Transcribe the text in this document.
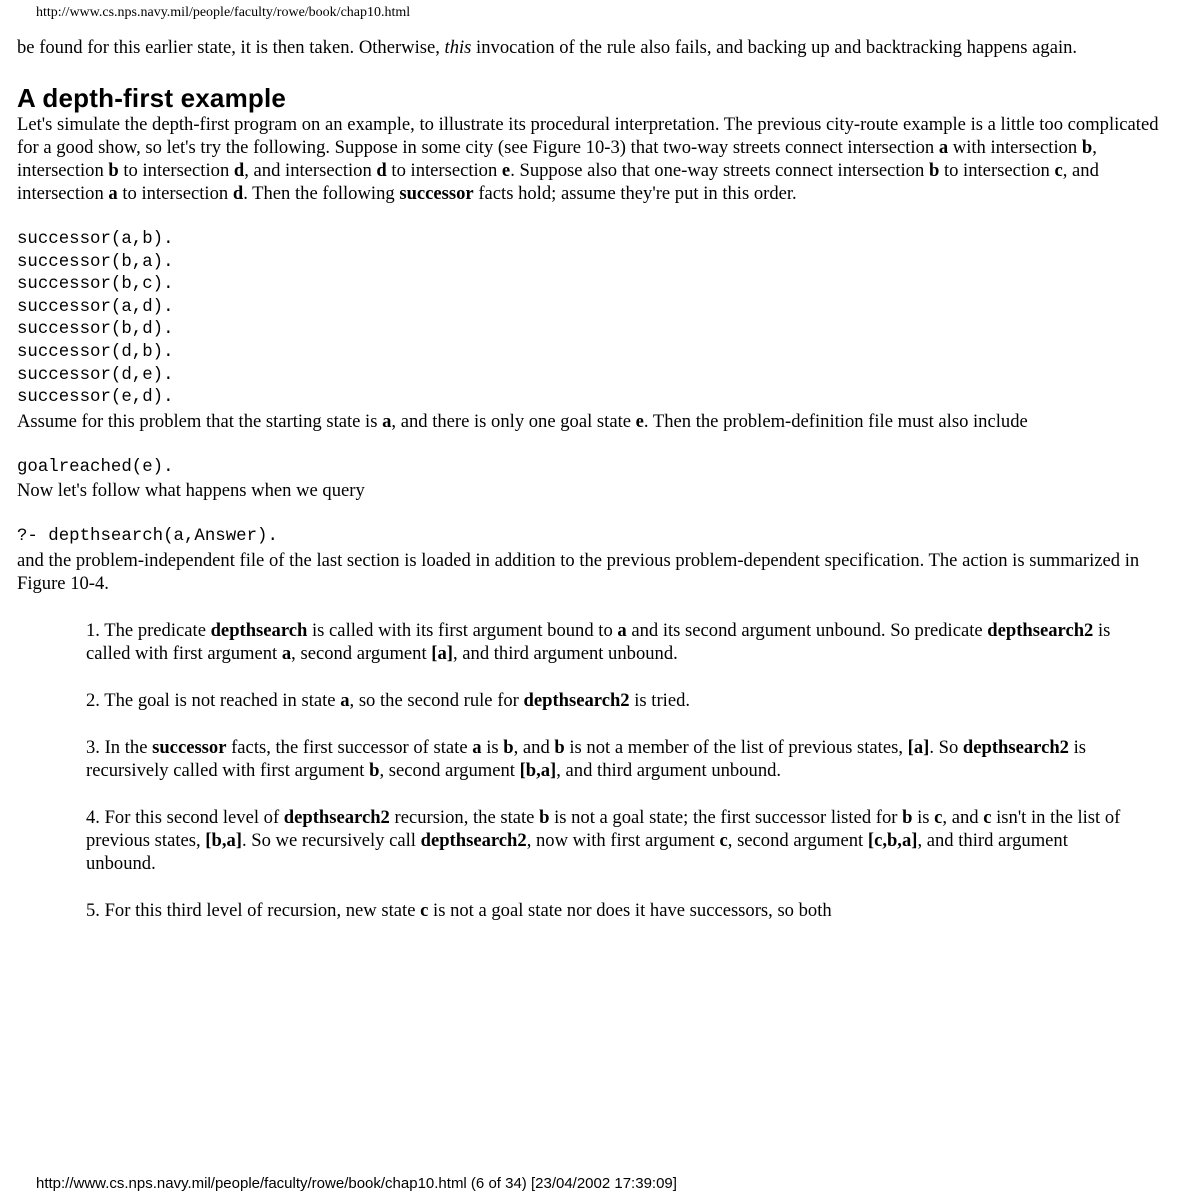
http://www.cs.nps.navy.mil/people/faculty/rowe/book/chap10.html

be found for this earlier state, it is then taken. Otherwise, this invocation of the rule also fails, and backing up and backtracking happens again.

A depth-first example

Let's simulate the depth-first program on an example, to illustrate its procedural interpretation. The previous city-route example is a little too complicated for a good show, so let's try the following. Suppose in some city (see Figure 10-3) that two-way streets connect intersection a with intersection b, intersection b to intersection d, and intersection d to intersection e. Suppose also that one-way streets connect intersection b to intersection c, and intersection a to intersection d. Then the following successor facts hold; assume they're put in this order.

successor(a,b).
successor(b,a).
successor(b,c).
successor(a,d).
successor(b,d).
successor(d,b).
successor(d,e).
successor(e,d).

Assume for this problem that the starting state is a, and there is only one goal state e. Then the problem-definition file must also include

goalreached(e).

Now let's follow what happens when we query

?- depthsearch(a,Answer).

and the problem-independent file of the last section is loaded in addition to the previous problem-dependent specification. The action is summarized in Figure 10-4.

1. The predicate depthsearch is called with its first argument bound to a and its second argument unbound. So predicate depthsearch2 is called with first argument a, second argument [a], and third argument unbound.
2. The goal is not reached in state a, so the second rule for depthsearch2 is tried.
3. In the successor facts, the first successor of state a is b, and b is not a member of the list of previous states, [a]. So depthsearch2 is recursively called with first argument b, second argument [b,a], and third argument unbound.
4. For this second level of depthsearch2 recursion, the state b is not a goal state; the first successor listed for b is c, and c isn't in the list of previous states, [b,a]. So we recursively call depthsearch2, now with first argument c, second argument [c,b,a], and third argument unbound.
5. For this third level of recursion, new state c is not a goal state nor does it have successors, so both
http://www.cs.nps.navy.mil/people/faculty/rowe/book/chap10.html (6 of 34) [23/04/2002 17:39:09]
